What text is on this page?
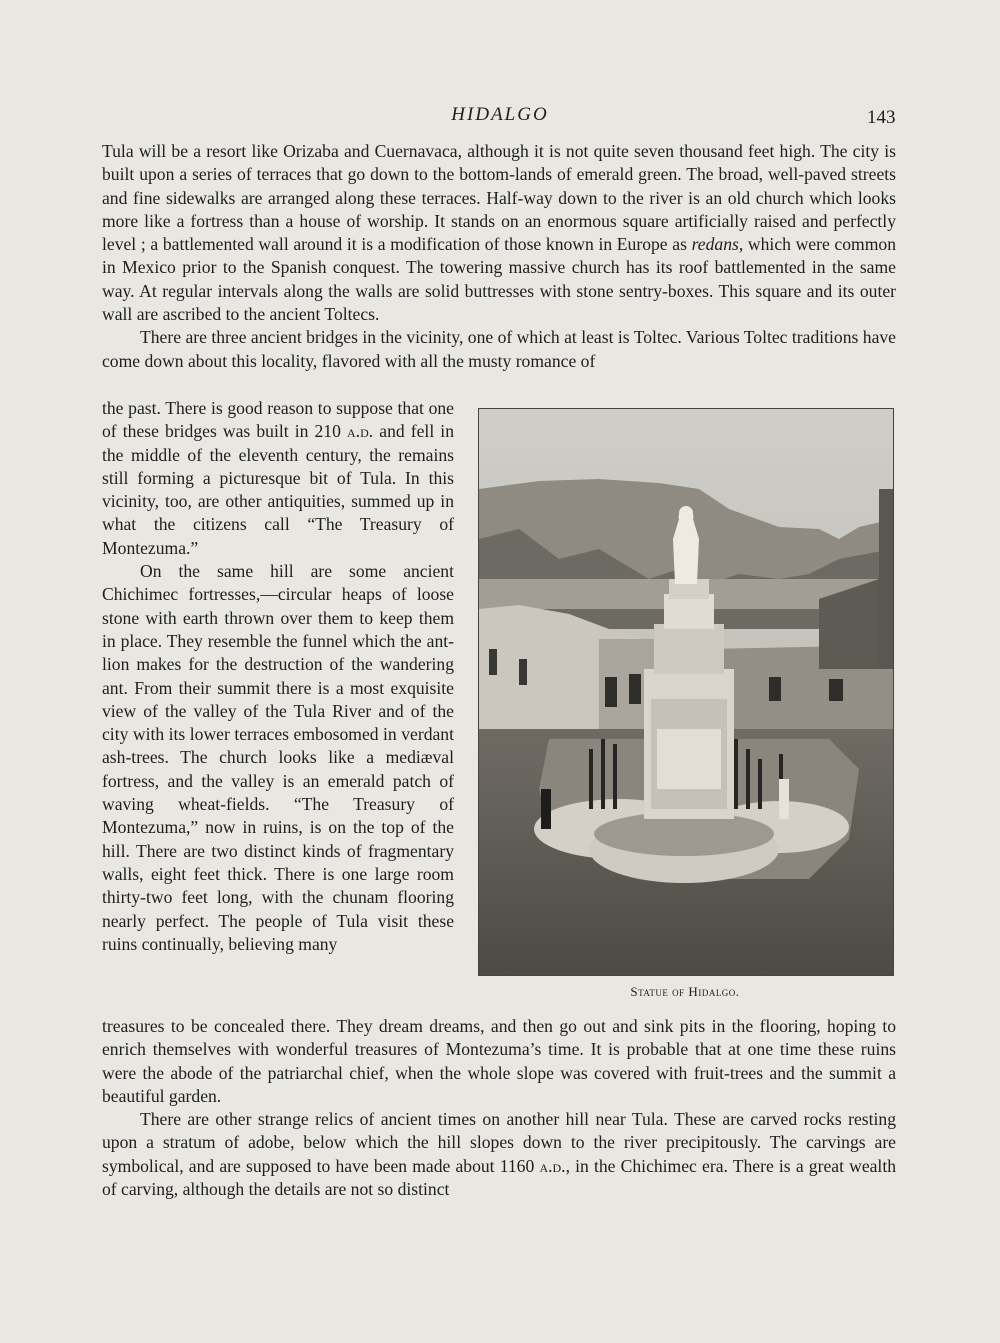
HIDALGO	143

Tula will be a resort like Orizaba and Cuernavaca, although it is not quite seven thousand feet high. The city is built upon a series of terraces that go down to the bottom-lands of emerald green. The broad, well-paved streets and fine sidewalks are arranged along these terraces. Half-way down to the river is an old church which looks more like a fortress than a house of worship. It stands on an enormous square artificially raised and perfectly level ; a battlemented wall around it is a modification of those known in Europe as redans, which were common in Mexico prior to the Spanish conquest. The towering massive church has its roof battlemented in the same way. At regular intervals along the walls are solid buttresses with stone sentry-boxes. This square and its outer wall are ascribed to the ancient Toltecs.

There are three ancient bridges in the vicinity, one of which at least is Toltec. Various Toltec traditions have come down about this locality, flavored with all the musty romance of

the past. There is good reason to suppose that one of these bridges was built in 210 a.d. and fell in the middle of the eleventh century, the remains still forming a picturesque bit of Tula. In this vicinity, too, are other antiquities, summed up in what the citizens call “The Treasury of Montezuma.”

On the same hill are some ancient Chichimec fortresses,—circular heaps of loose stone with earth thrown over them to keep them in place. They resemble the funnel which the ant-lion makes for the destruction of the wandering ant. From their summit there is a most exquisite view of the valley of the Tula River and of the city with its lower terraces embosomed in verdant ash-trees. The church looks like a mediæval fortress, and the valley is an emerald patch of waving wheat-fields. “The Treasury of Montezuma,” now in ruins, is on the top of the hill. There are two distinct kinds of fragmentary walls, eight feet thick. There is one large room thirty-two feet long, with the chunam flooring nearly perfect. The people of Tula visit these ruins continually, believing many

Statue of Hidalgo.

treasures to be concealed there. They dream dreams, and then go out and sink pits in the flooring, hoping to enrich themselves with wonderful treasures of Montezuma’s time. It is probable that at one time these ruins were the abode of the patriarchal chief, when the whole slope was covered with fruit-trees and the summit a beautiful garden.

There are other strange relics of ancient times on another hill near Tula. These are carved rocks resting upon a stratum of adobe, below which the hill slopes down to the river precipitously. The carvings are symbolical, and are supposed to have been made about 1160 a.d., in the Chichimec era. There is a great wealth of carving, although the details are not so distinct
